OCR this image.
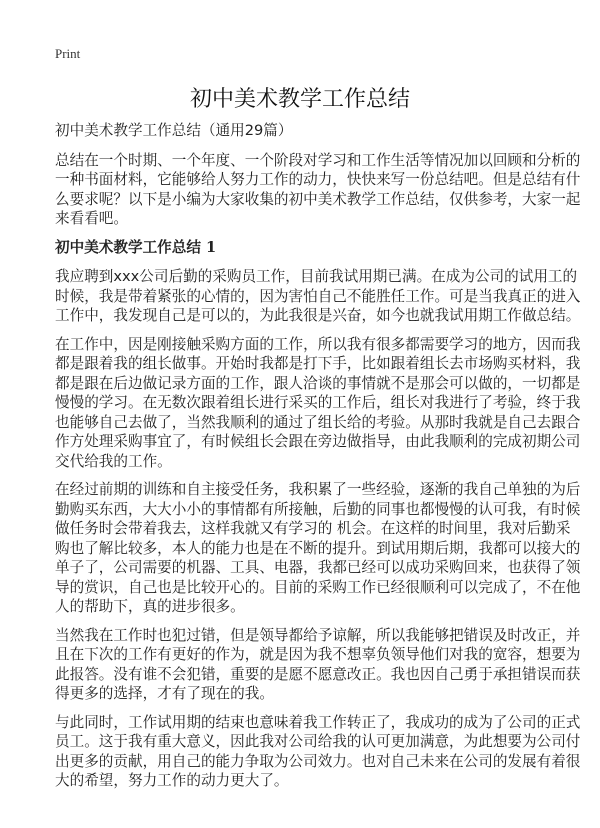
Print
初中美术教学工作总结
初中美术教学工作总结（通用29篇）
总结在一个时期、一个年度、一个阶段对学习和工作生活等情况加以回顾和分析的
一种书面材料，它能够给人努力工作的动力，快快来写一份总结吧。但是总结有什
么要求呢？以下是小编为大家收集的初中美术教学工作总结，仅供参考，大家一起
来看看吧。
初中美术教学工作总结 1
我应聘到xxx公司后勤的采购员工作，目前我试用期已满。在成为公司的试用工的
时候，我是带着紧张的心情的，因为害怕自己不能胜任工作。可是当我真正的进入
工作中，我发现自己是可以的，为此我很是兴奋，如今也就我试用期工作做总结。
在工作中，因是刚接触采购方面的工作，所以我有很多都需要学习的地方，因而我
都是跟着我的组长做事。开始时我都是打下手，比如跟着组长去市场购买材料，我
都是跟在后边做记录方面的工作，跟人洽谈的事情就不是那会可以做的，一切都是
慢慢的学习。在无数次跟着组长进行采买的工作后，组长对我进行了考验，终于我
也能够自己去做了，当然我顺利的通过了组长给的考验。从那时我就是自己去跟合
作方处理采购事宜了，有时候组长会跟在旁边做指导，由此我顺利的完成初期公司
交代给我的工作。
在经过前期的训练和自主接受任务，我积累了一些经验，逐渐的我自己单独的为后
勤购买东西，大大小小的事情都有所接触，后勤的同事也都慢慢的认可我，有时候
做任务时会带着我去，这样我就又有学习的 机会。在这样的时间里，我对后勤采
购也了解比较多，本人的能力也是在不断的提升。到试用期后期，我都可以接大的
单子了，公司需要的机器、工具、电器，我都已经可以成功采购回来，也获得了领
导的赏识，自己也是比较开心的。目前的采购工作已经很顺利可以完成了，不在他
人的帮助下，真的进步很多。
当然我在工作时也犯过错，但是领导都给予谅解，所以我能够把错误及时改正，并
且在下次的工作有更好的作为，就是因为我不想辜负领导他们对我的宽容，想要为
此报答。没有谁不会犯错，重要的是愿不愿意改正。我也因自己勇于承担错误而获
得更多的选择，才有了现在的我。
与此同时，工作试用期的结束也意味着我工作转正了，我成功的成为了公司的正式
员工。这于我有重大意义，因此我对公司给我的认可更加满意，为此想要为公司付
出更多的贡献，用自己的能力争取为公司效力。也对自己未来在公司的发展有着很
大的希望，努力工作的动力更大了。
